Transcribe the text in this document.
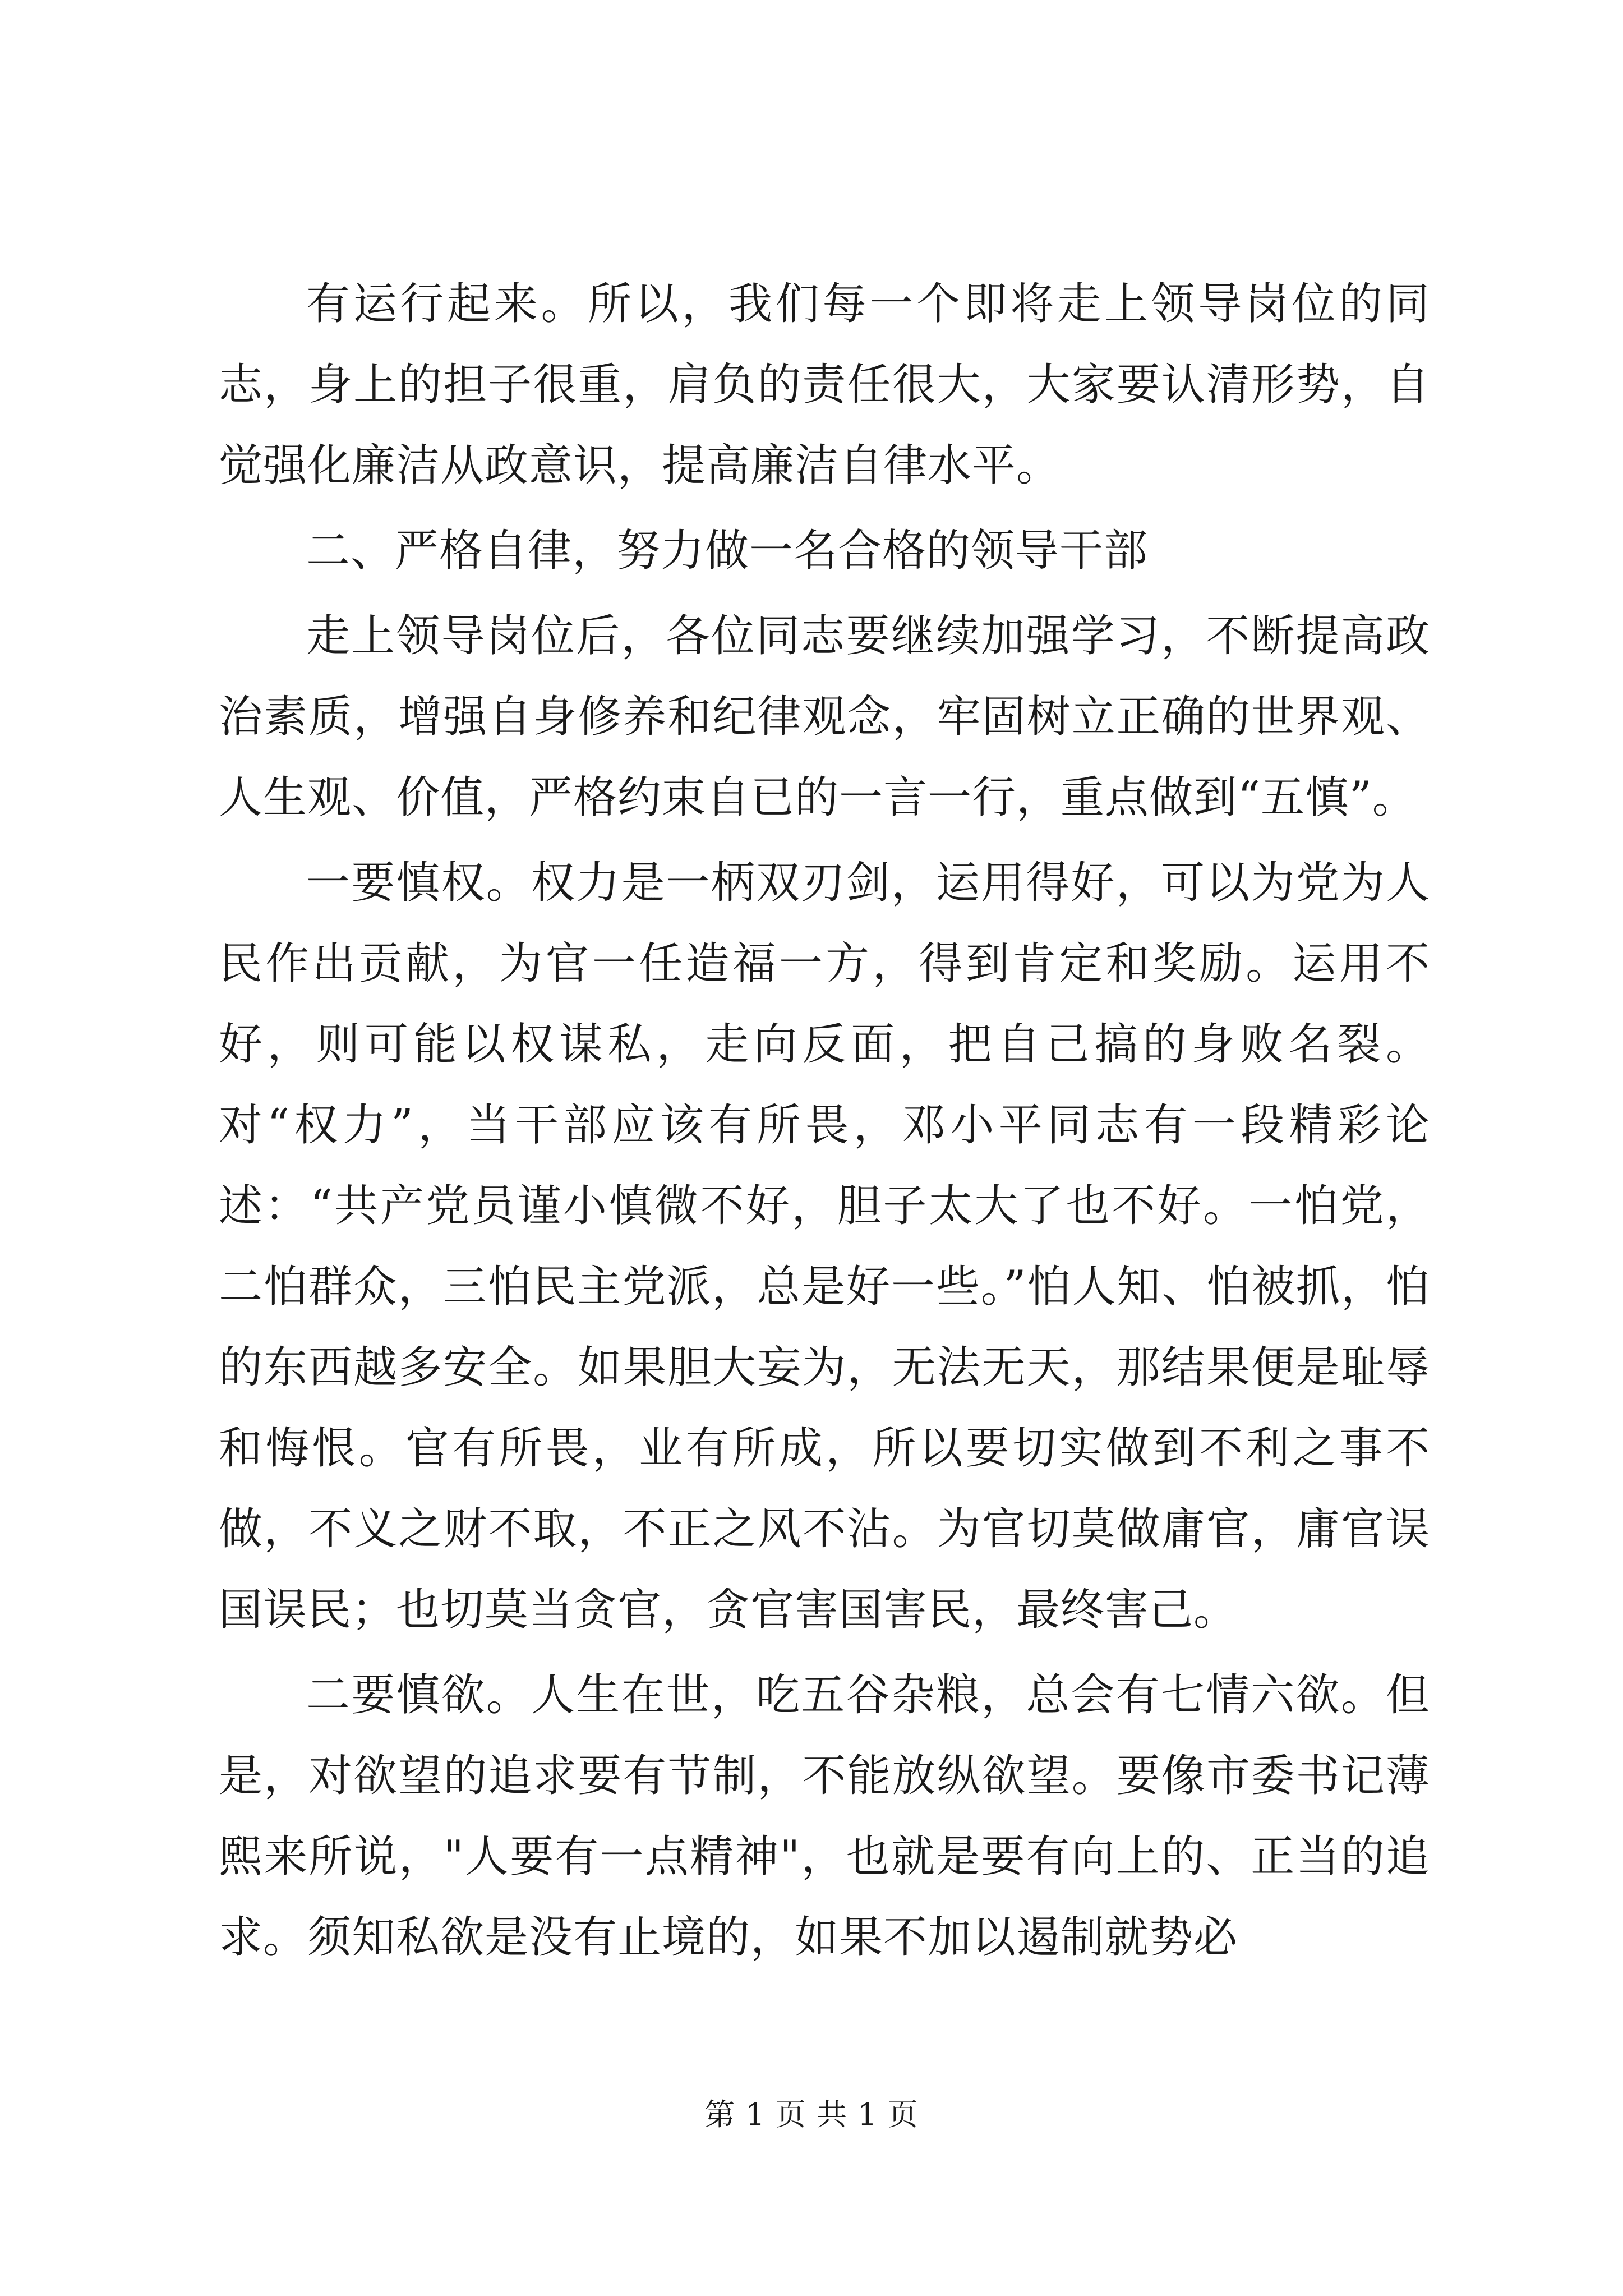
有运行起来。所以，我们每一个即将走上领导岗位的同志，身上的担子很重，肩负的责任很大，大家要认清形势，自觉强化廉洁从政意识，提高廉洁自律水平。

二、严格自律，努力做一名合格的领导干部

走上领导岗位后，各位同志要继续加强学习，不断提高政治素质，增强自身修养和纪律观念，牢固树立正确的世界观、人生观、价值，严格约束自已的一言一行，重点做到“五慎”。

一要慎权。权力是一柄双刃剑，运用得好，可以为党为人民作出贡献，为官一任造福一方，得到肯定和奖励。运用不好，则可能以权谋私，走向反面，把自己搞的身败名裂。对“权力”，当干部应该有所畏，邓小平同志有一段精彩论述：“共产党员谨小慎微不好，胆子太大了也不好。一怕党，二怕群众，三怕民主党派，总是好一些。”怕人知、怕被抓，怕的东西越多安全。如果胆大妄为，无法无天，那结果便是耻辱和悔恨。官有所畏，业有所成，所以要切实做到不利之事不做，不义之财不取，不正之风不沾。为官切莫做庸官，庸官误国误民；也切莫当贪官，贪官害国害民，最终害己。

二要慎欲。人生在世，吃五谷杂粮，总会有七情六欲。但是，对欲望的追求要有节制，不能放纵欲望。要像市委书记薄熙来所说，"人要有一点精神"，也就是要有向上的、正当的追求。须知私欲是没有止境的，如果不加以遏制就势必

第 1 页 共 1 页
